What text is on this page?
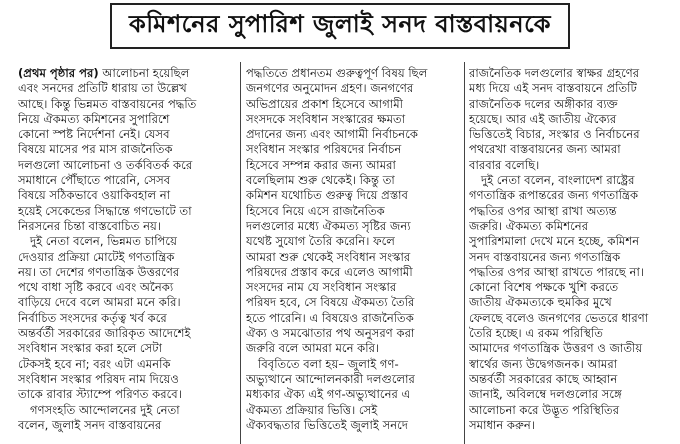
কমিশনের সুপারিশ জুলাই সনদ বাস্তবায়নকে
(প্রথম পৃষ্ঠার পর) আলোচনা হয়েছিল
এবং সনদের প্রতিটি ধারায় তা উল্লেখ
আছে। কিন্তু ভিন্নমত বাস্তবায়নের পদ্ধতি
নিয়ে ঐকমত্য কমিশনের সুপারিশে
কোনো স্পষ্ট নির্দেশনা নেই। যেসব
বিষয়ে মাসের পর মাস রাজনৈতিক
দলগুলো আলোচনা ও তর্কবিতর্ক করে
সমাধানে পৌঁছাতে পারেনি, সেসব
বিষয়ে সঠিকভাবে ওয়াকিবহাল না
হয়েই সেকেন্ডের সিদ্ধান্তে গণভোটে তা
নিরসনের চিন্তা বাস্তবোচিত নয়।
দুই নেতা বলেন, ভিন্নমত চাপিয়ে
দেওয়ার প্রক্রিয়া মোটেই গণতান্ত্রিক
নয়। তা দেশের গণতান্ত্রিক উত্তরণের
পথে বাধা সৃষ্টি করবে এবং অনৈক্য
বাড়িয়ে দেবে বলে আমরা মনে করি।
নির্বাচিত সংসদের কর্তৃত্ব খর্ব করে
অন্তর্বর্তী সরকারের জারিকৃত আদেশেই
সংবিধান সংস্কার করা হলে সেটা
টেকসই হবে না; বরং এটা এমনকি
সংবিধান সংস্কার পরিষদ নাম দিয়েও
তাকে রাবার স্ট্যাম্পে পরিণত করবে।
গণসংহতি আন্দোলনের দুই নেতা
বলেন, জুলাই সনদ বাস্তবায়নের
পদ্ধতিতে প্রধানতম গুরুত্বপূর্ণ বিষয় ছিল
জনগণের অনুমোদন গ্রহণ। জনগণের
অভিপ্রায়ের প্রকাশ হিসেবে আগামী
সংসদকে সংবিধান সংস্কারের ক্ষমতা
প্রদানের জন্য এবং আগামী নির্বাচনকে
সংবিধান সংস্কার পরিষদের নির্বাচন
হিসেবে সম্পন্ন করার জন্য আমরা
বলেছিলাম শুরু থেকেই। কিন্তু তা
কমিশন যথোচিত গুরুত্ব দিয়ে প্রস্তাব
হিসেবে নিয়ে এসে রাজনৈতিক
দলগুলোর মধ্যে ঐকমত্য সৃষ্টির জন্য
যথেষ্ট সুযোগ তৈরি করেনি। ফলে
আমরা শুরু থেকেই সংবিধান সংস্কার
পরিষদের প্রস্তাব করে এলেও আগামী
সংসদের নাম যে সংবিধান সংস্কার
পরিষদ হবে, সে বিষয়ে ঐকমত্য তৈরি
হতে পারেনি। এ বিষয়েও রাজনৈতিক
ঐক্য ও সমঝোতার পথ অনুসরণ করা
জরুরি বলে আমরা মনে করি।
বিবৃতিতে বলা হয়– জুলাই গণ-
অভ্যুত্থানে আন্দোলনকারী দলগুলোর
মধ্যকার ঐক্য এই গণ-অভ্যুত্থানের এ
ঐকমত্য প্রক্রিয়ার ভিত্তি। সেই
ঐক্যবদ্ধতার ভিত্তিতেই জুলাই সনদে
রাজনৈতিক দলগুলোর স্বাক্ষর গ্রহণের
মধ্য দিয়ে এই সনদ বাস্তবায়নে প্রতিটি
রাজনৈতিক দলের অঙ্গীকার ব্যক্ত
হয়েছে। আর এই জাতীয় ঐক্যের
ভিত্তিতেই বিচার, সংস্কার ও নির্বাচনের
পথরেখা বাস্তবায়নের জন্য আমরা
বারবার বলেছি।
দুই নেতা বলেন, বাংলাদেশ রাষ্ট্রের
গণতান্ত্রিক রূপান্তরের জন্য গণতান্ত্রিক
পদ্ধতির ওপর আস্থা রাখা অত্যন্ত
জরুরি। ঐকমত্য কমিশনের
সুপারিশমালা দেখে মনে হচ্ছে, কমিশন
সনদ বাস্তবায়নের জন্য গণতান্ত্রিক
পদ্ধতির ওপর আস্থা রাখতে পারছে না।
কোনো বিশেষ পক্ষকে খুশি করতে
জাতীয় ঐকমত্যকে হুমকির মুখে
ফেলছে বলেও জনগণের ভেতরে ধারণা
তৈরি হচ্ছে। এ রকম পরিস্থিতি
আমাদের গণতান্ত্রিক উত্তরণ ও জাতীয়
স্বার্থের জন্য উদ্বেগজনক। আমরা
অন্তর্বর্তী সরকারের কাছে আহ্বান
জানাই, অবিলম্বে দলগুলোর সঙ্গে
আলোচনা করে উদ্ভূত পরিস্থিতির
সমাধান করুন।
